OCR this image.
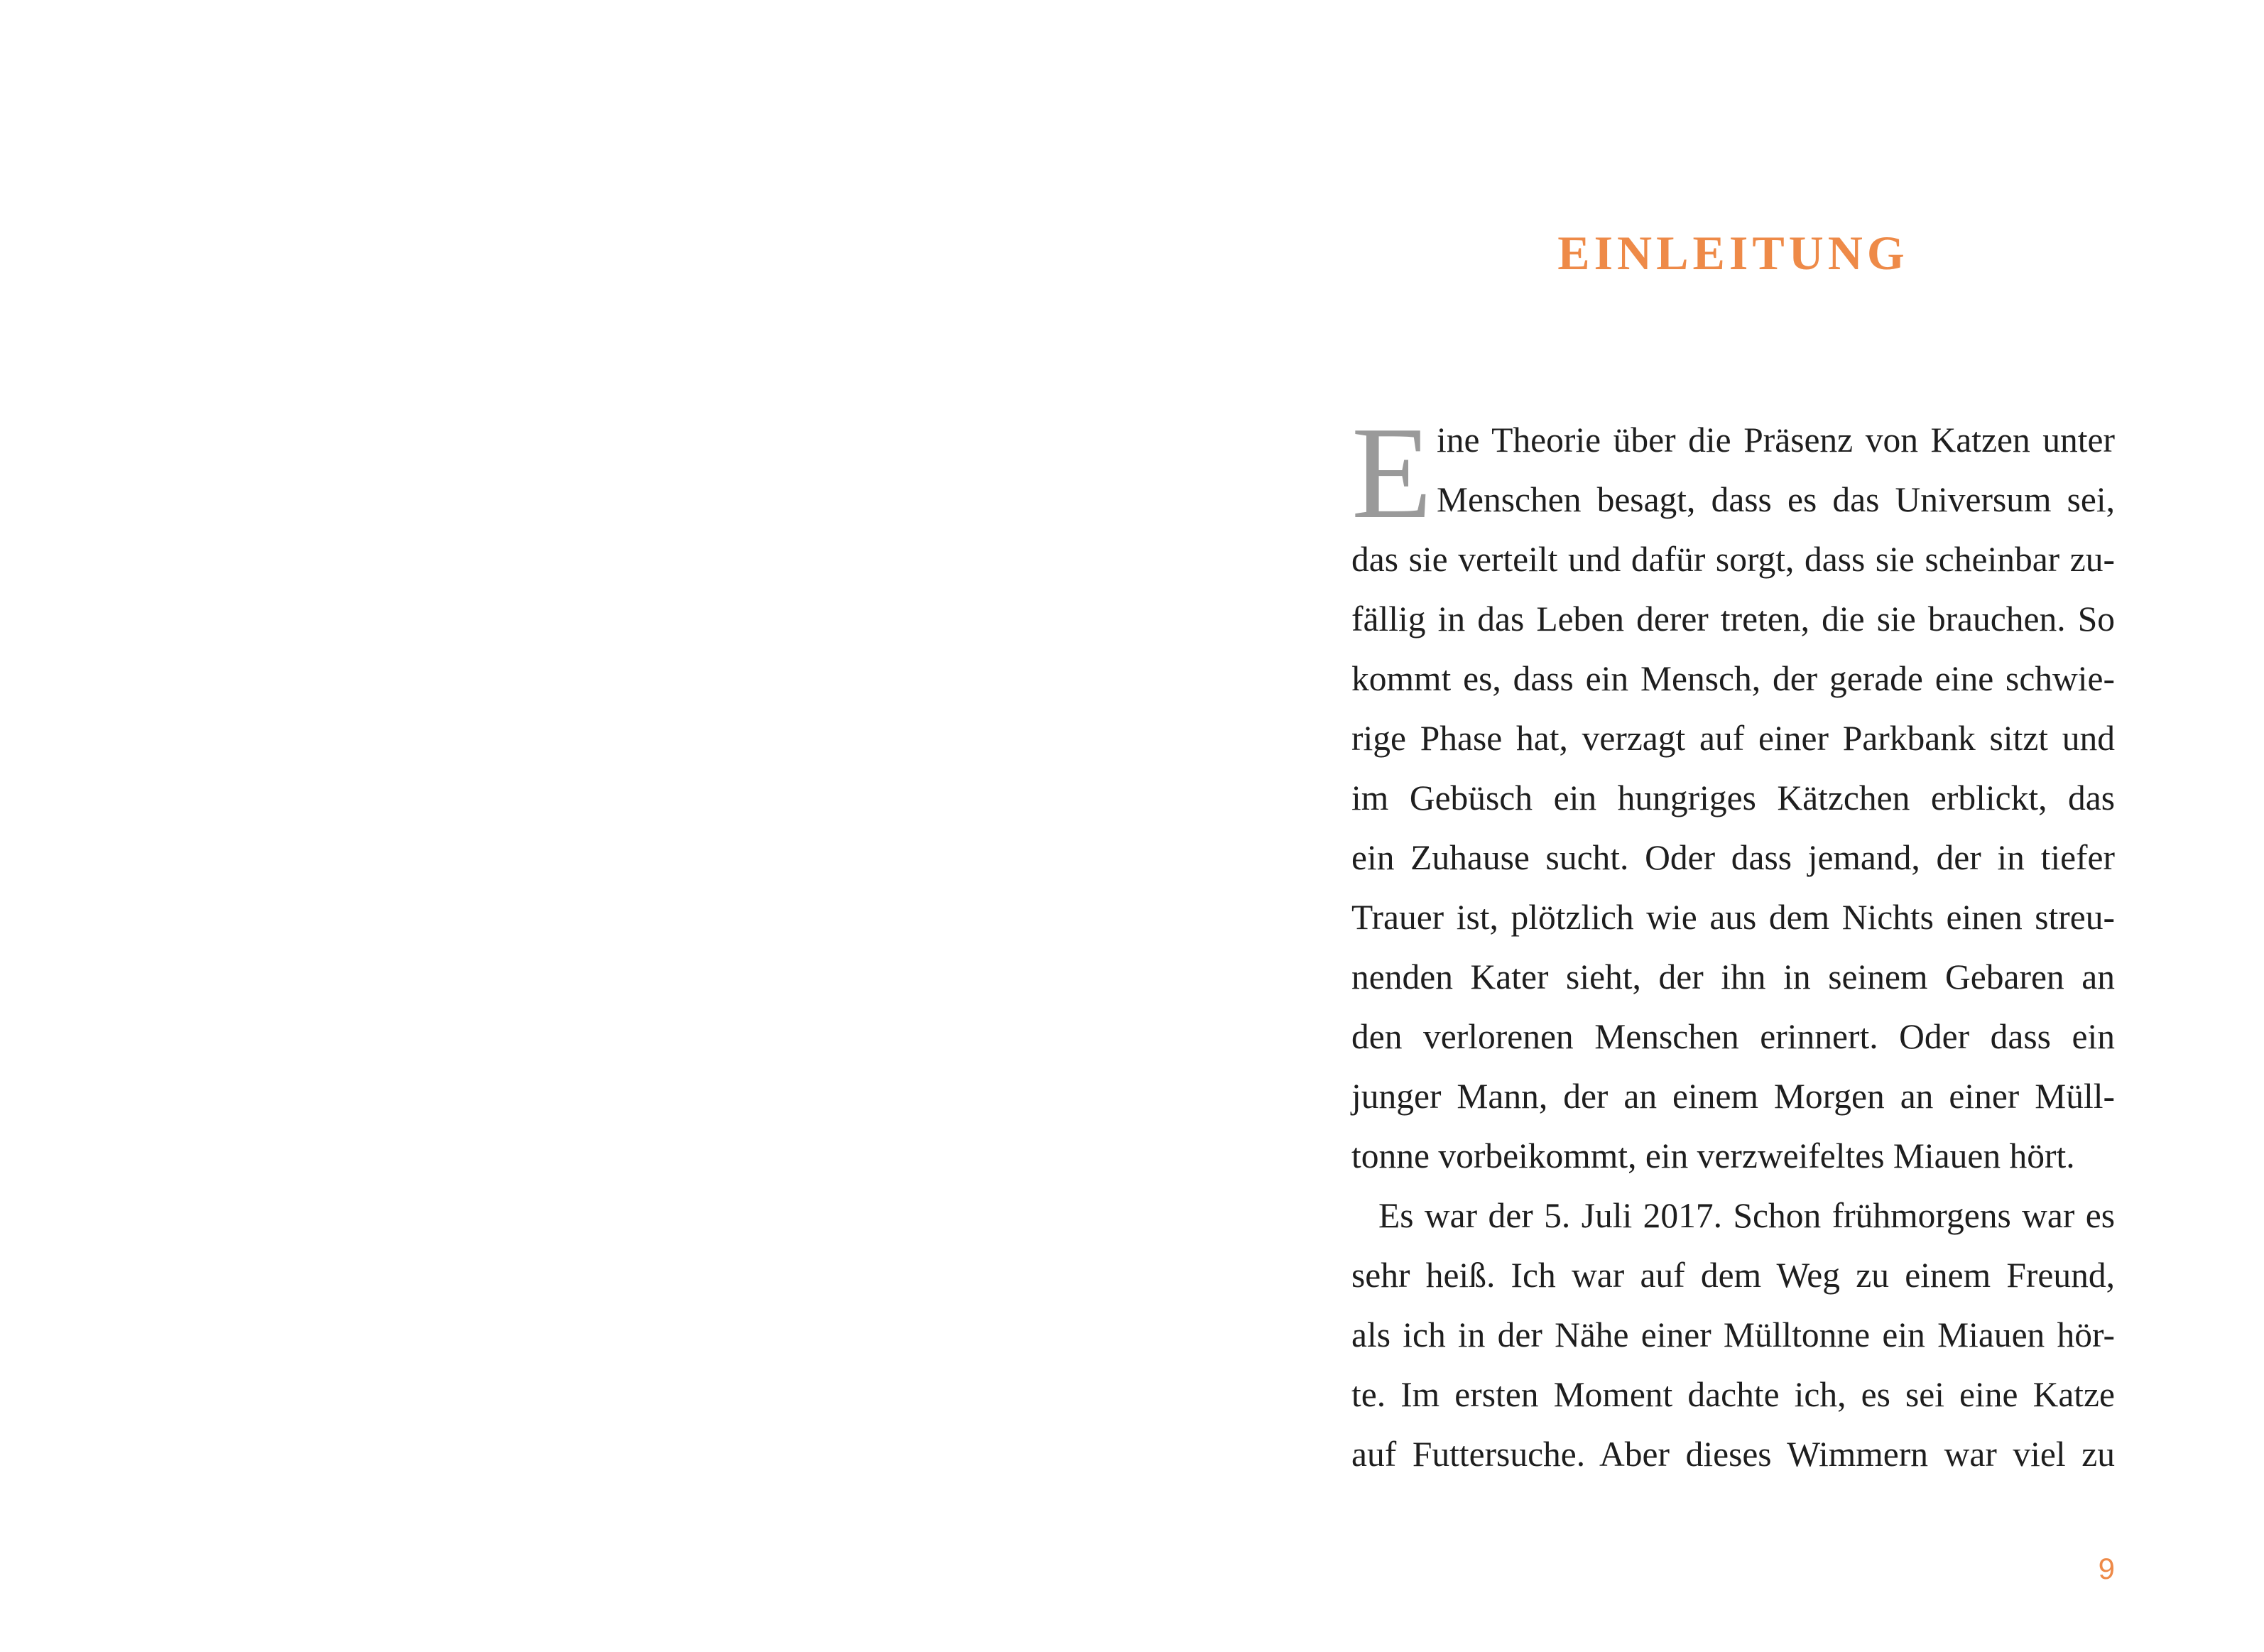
EINLEITUNG
E ine Theorie über die Präsenz von Katzen unter

Menschen besagt, dass es das Universum sei,

das sie verteilt und dafür sorgt, dass sie scheinbar zu-

fällig in das Leben derer treten, die sie brauchen. So

kommt es, dass ein Mensch, der gerade eine schwie-

rige Phase hat, verzagt auf einer Parkbank sitzt und

im Gebüsch ein hungriges Kätzchen erblickt, das

ein Zuhause sucht. Oder dass jemand, der in tiefer

Trauer ist, plötzlich wie aus dem Nichts einen streu-

nenden Kater sieht, der ihn in seinem Gebaren an

den verlorenen Menschen erinnert. Oder dass ein

junger Mann, der an einem Morgen an einer Müll-

tonne vorbeikommt, ein verzweifeltes Miauen hört.

Es war der 5. Juli 2017. Schon frühmorgens war es

sehr heiß. Ich war auf dem Weg zu einem Freund,

als ich in der Nähe einer Mülltonne ein Miauen hör-

te. Im ersten Moment dachte ich, es sei eine Katze

auf Futtersuche. Aber dieses Wimmern war viel zu

9
